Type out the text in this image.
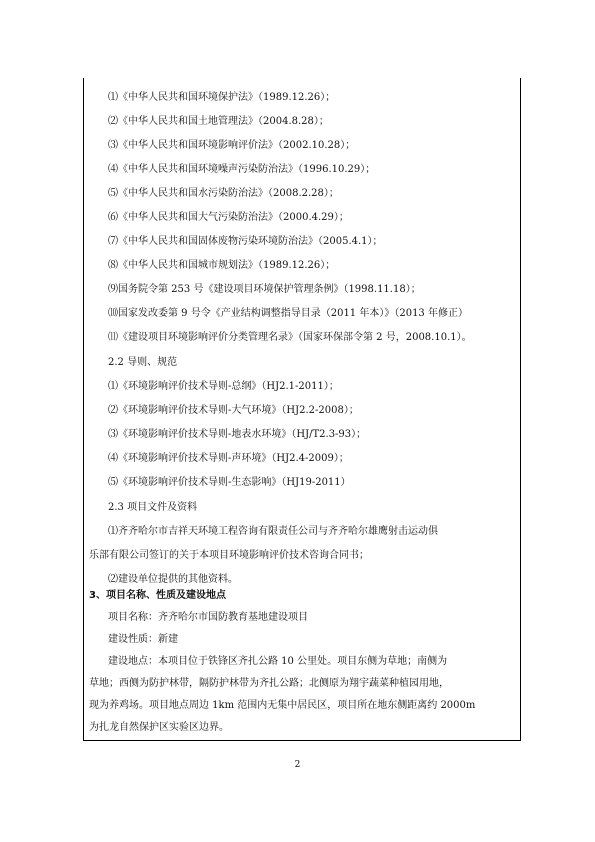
⑴《中华人民共和国环境保护法》（1989.12.26）；
⑵《中华人民共和国土地管理法》（2004.8.28）；
⑶《中华人民共和国环境影响评价法》（2002.10.28）；
⑷《中华人民共和国环境噪声污染防治法》（1996.10.29）；
⑸《中华人民共和国水污染防治法》（2008.2.28）；
⑹《中华人民共和国大气污染防治法》（2000.4.29）；
⑺《中华人民共和国固体废物污染环境防治法》（2005.4.1）；
⑻《中华人民共和国城市规划法》（1989.12.26）；
⑼国务院令第 253 号《建设项目环境保护管理条例》（1998.11.18）；
⑽国家发改委第 9 号令《产业结构调整指导目录（2011 年本）》（2013 年修正）
⑾《建设项目环境影响评价分类管理名录》（国家环保部令第 2 号，2008.10.1）。
2.2 导则、规范
⑴《环境影响评价技术导则-总纲》（HJ2.1-2011）；
⑵《环境影响评价技术导则-大气环境》（HJ2.2-2008）；
⑶《环境影响评价技术导则-地表水环境》（HJ/T2.3-93）；
⑷《环境影响评价技术导则-声环境》（HJ2.4-2009）；
⑸《环境影响评价技术导则-生态影响》（HJ19-2011）
2.3 项目文件及资料
⑴齐齐哈尔市吉祥天环境工程咨询有限责任公司与齐齐哈尔雄鹰射击运动俱
乐部有限公司签订的关于本项目环境影响评价技术咨询合同书；
⑵建设单位提供的其他资料。
3、项目名称、性质及建设地点
项目名称：齐齐哈尔市国防教育基地建设项目
建设性质：新建
建设地点：本项目位于铁锋区齐扎公路 10 公里处。项目东侧为草地；南侧为
草地；西侧为防护林带，隔防护林带为齐扎公路；北侧原为翔宇蔬菜种植园用地，
现为养鸡场。项目地点周边 1km 范围内无集中居民区，项目所在地东侧距离约 2000m
为扎龙自然保护区实验区边界。
2
